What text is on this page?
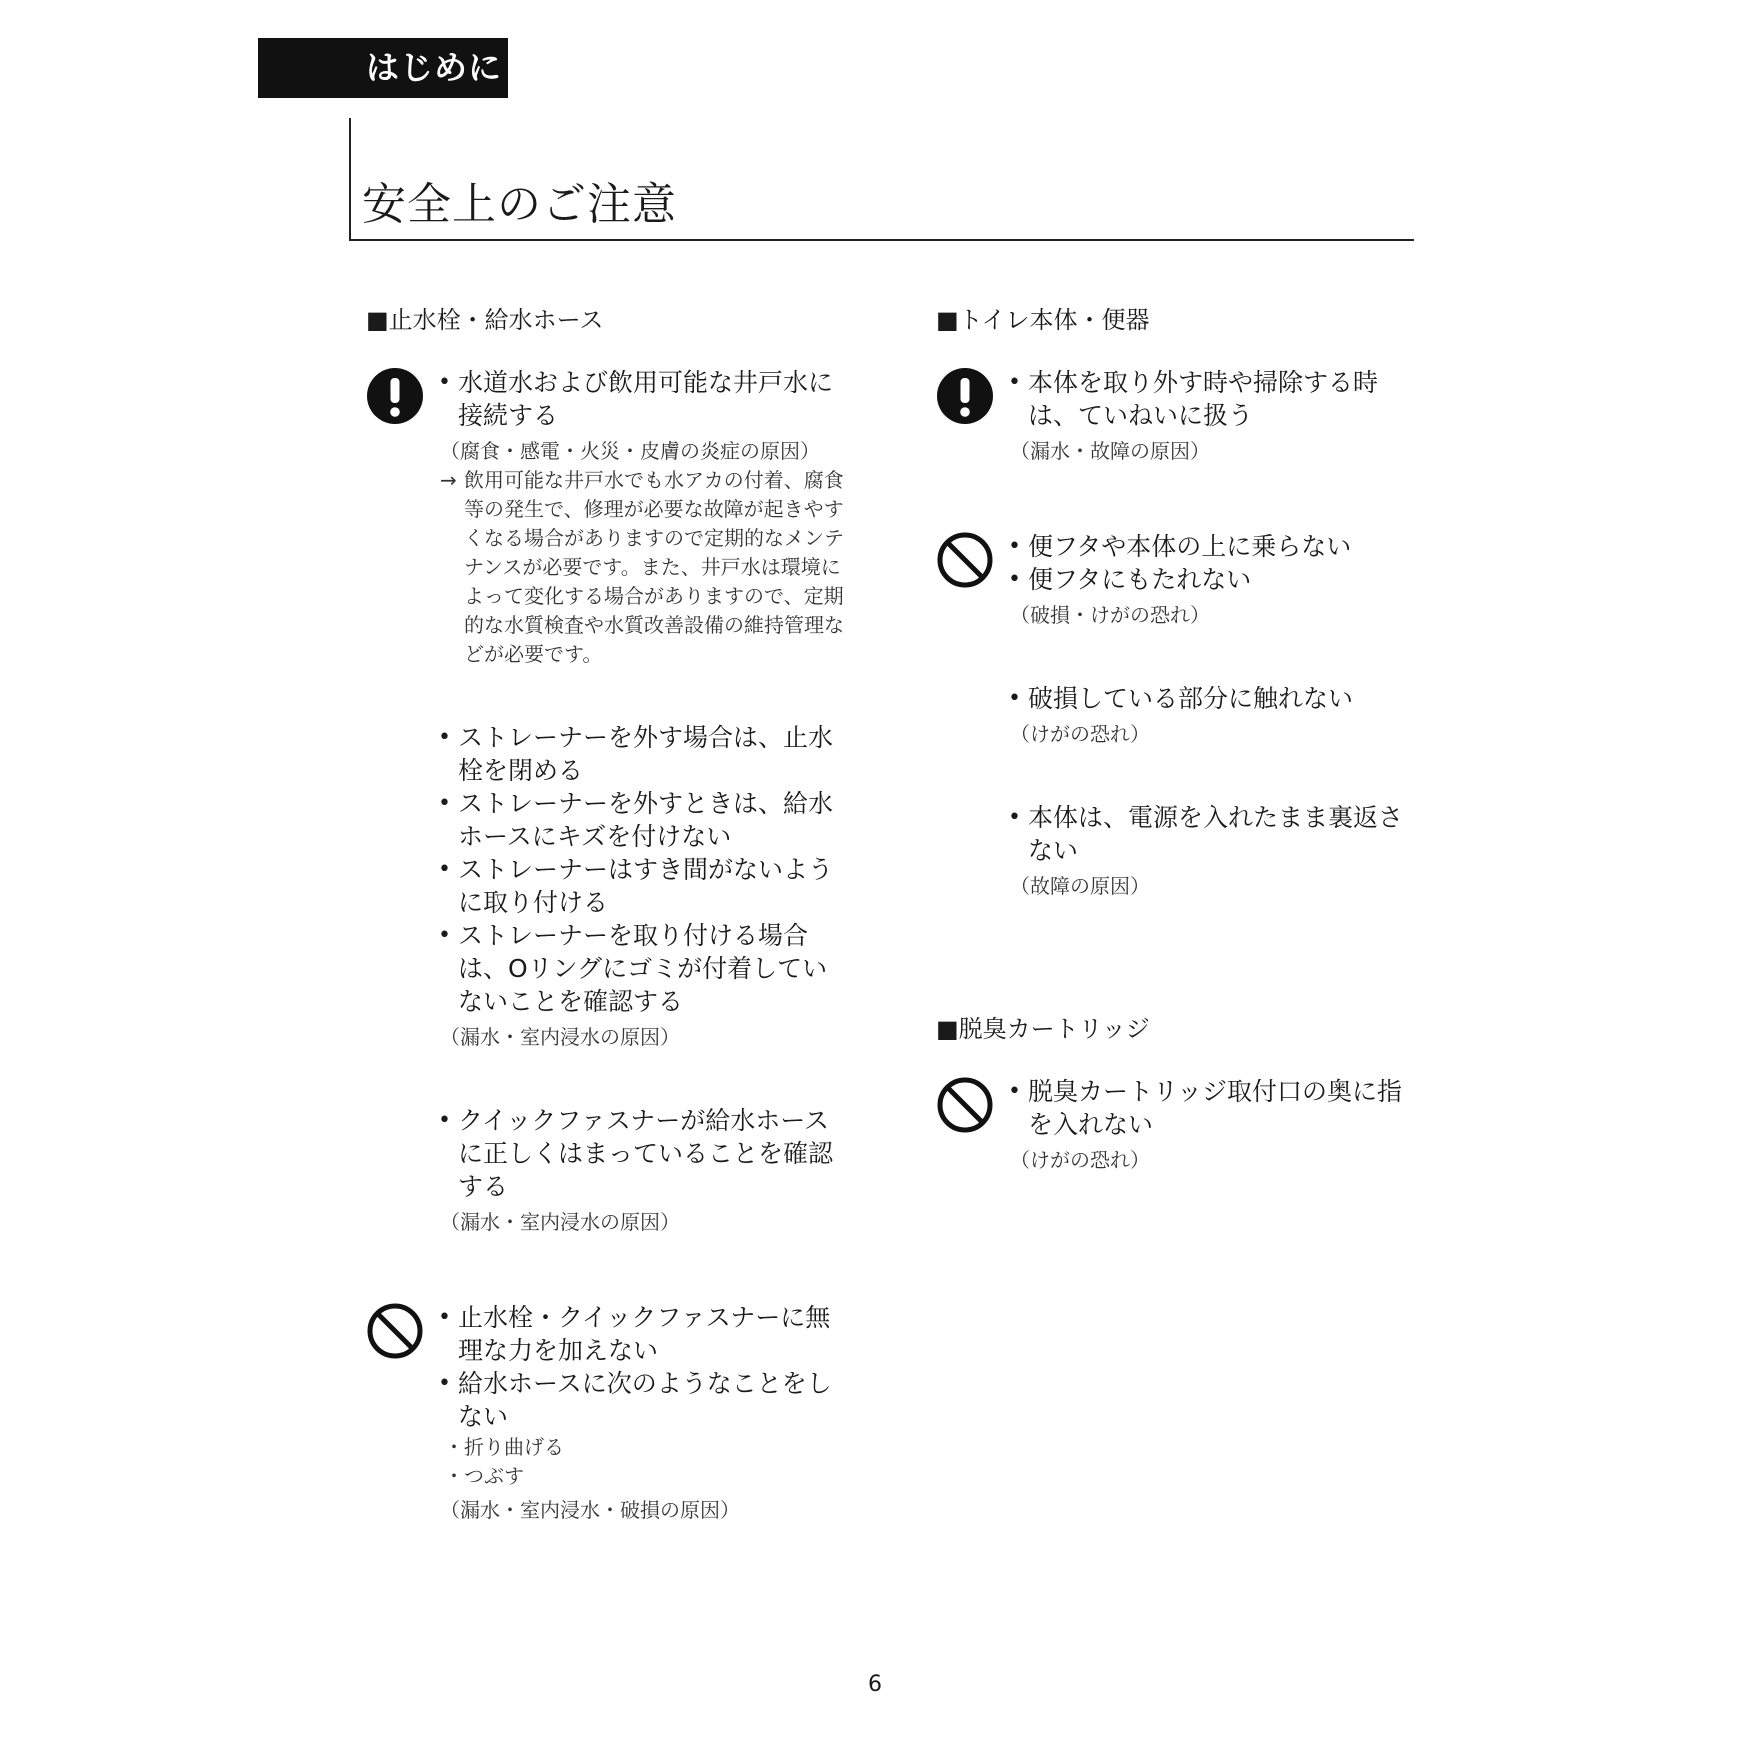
はじめに
安全上のご注意
■止水栓・給水ホース
• 水道水および飲用可能な井戸水に接続する
（腐食・感電・火災・皮膚の炎症の原因）
→ 飲用可能な井戸水でも水アカの付着、腐食等の発生で、修理が必要な故障が起きやすくなる場合がありますので定期的なメンテナンスが必要です。また、井戸水は環境によって変化する場合がありますので、定期的な水質検査や水質改善設備の維持管理などが必要です。
• ストレーナーを外す場合は、止水栓を閉める
• ストレーナーを外すときは、給水ホースにキズを付けない
• ストレーナーはすき間がないように取り付ける
• ストレーナーを取り付ける場合は、Oリングにゴミが付着していないことを確認する
（漏水・室内浸水の原因）
• クイックファスナーが給水ホースに正しくはまっていることを確認する
（漏水・室内浸水の原因）
• 止水栓・クイックファスナーに無理な力を加えない
• 給水ホースに次のようなことをしない
・折り曲げる
・つぶす
（漏水・室内浸水・破損の原因）
■トイレ本体・便器
• 本体を取り外す時や掃除する時は、ていねいに扱う
（漏水・故障の原因）
• 便フタや本体の上に乗らない
• 便フタにもたれない
（破損・けがの恐れ）
• 破損している部分に触れない
（けがの恐れ）
• 本体は、電源を入れたまま裏返さない
（故障の原因）
■脱臭カートリッジ
• 脱臭カートリッジ取付口の奥に指を入れない
（けがの恐れ）
6
